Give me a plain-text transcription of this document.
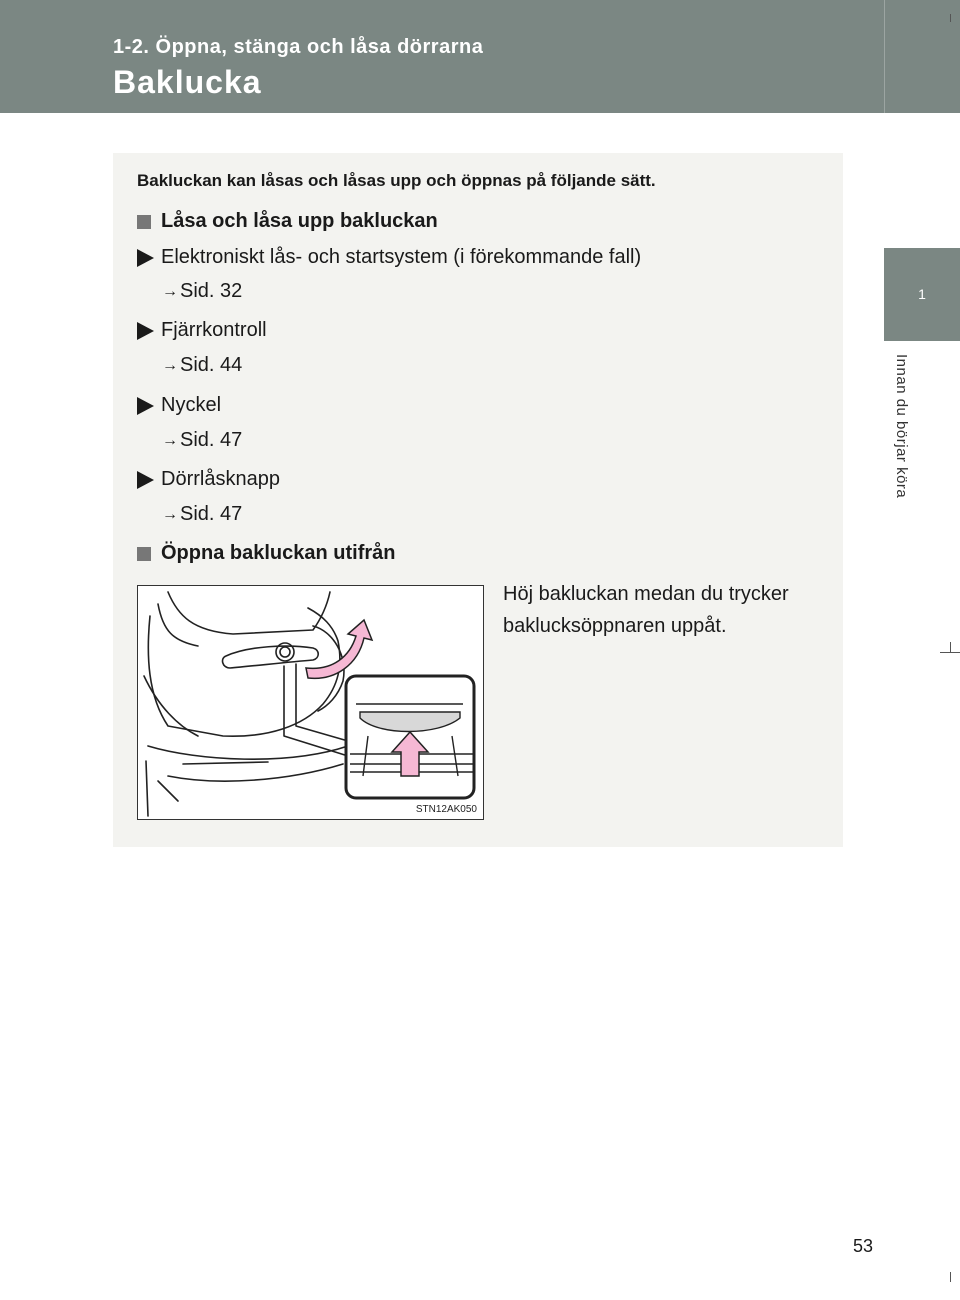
1-2. Öppna, stänga och låsa dörrarna
Baklucka
1
Innan du börjar köra
Bakluckan kan låsas och låsas upp och öppnas på följande sätt.
Låsa och låsa upp bakluckan
Elektroniskt lås- och startsystem (i förekommande fall)
→ Sid. 32
Fjärrkontroll
→ Sid. 44
Nyckel
→ Sid. 47
Dörrlåsknapp
→ Sid. 47
Öppna bakluckan utifrån
Höj bakluckan medan du trycker baklucksöppnaren uppåt.
STN12AK050
53
